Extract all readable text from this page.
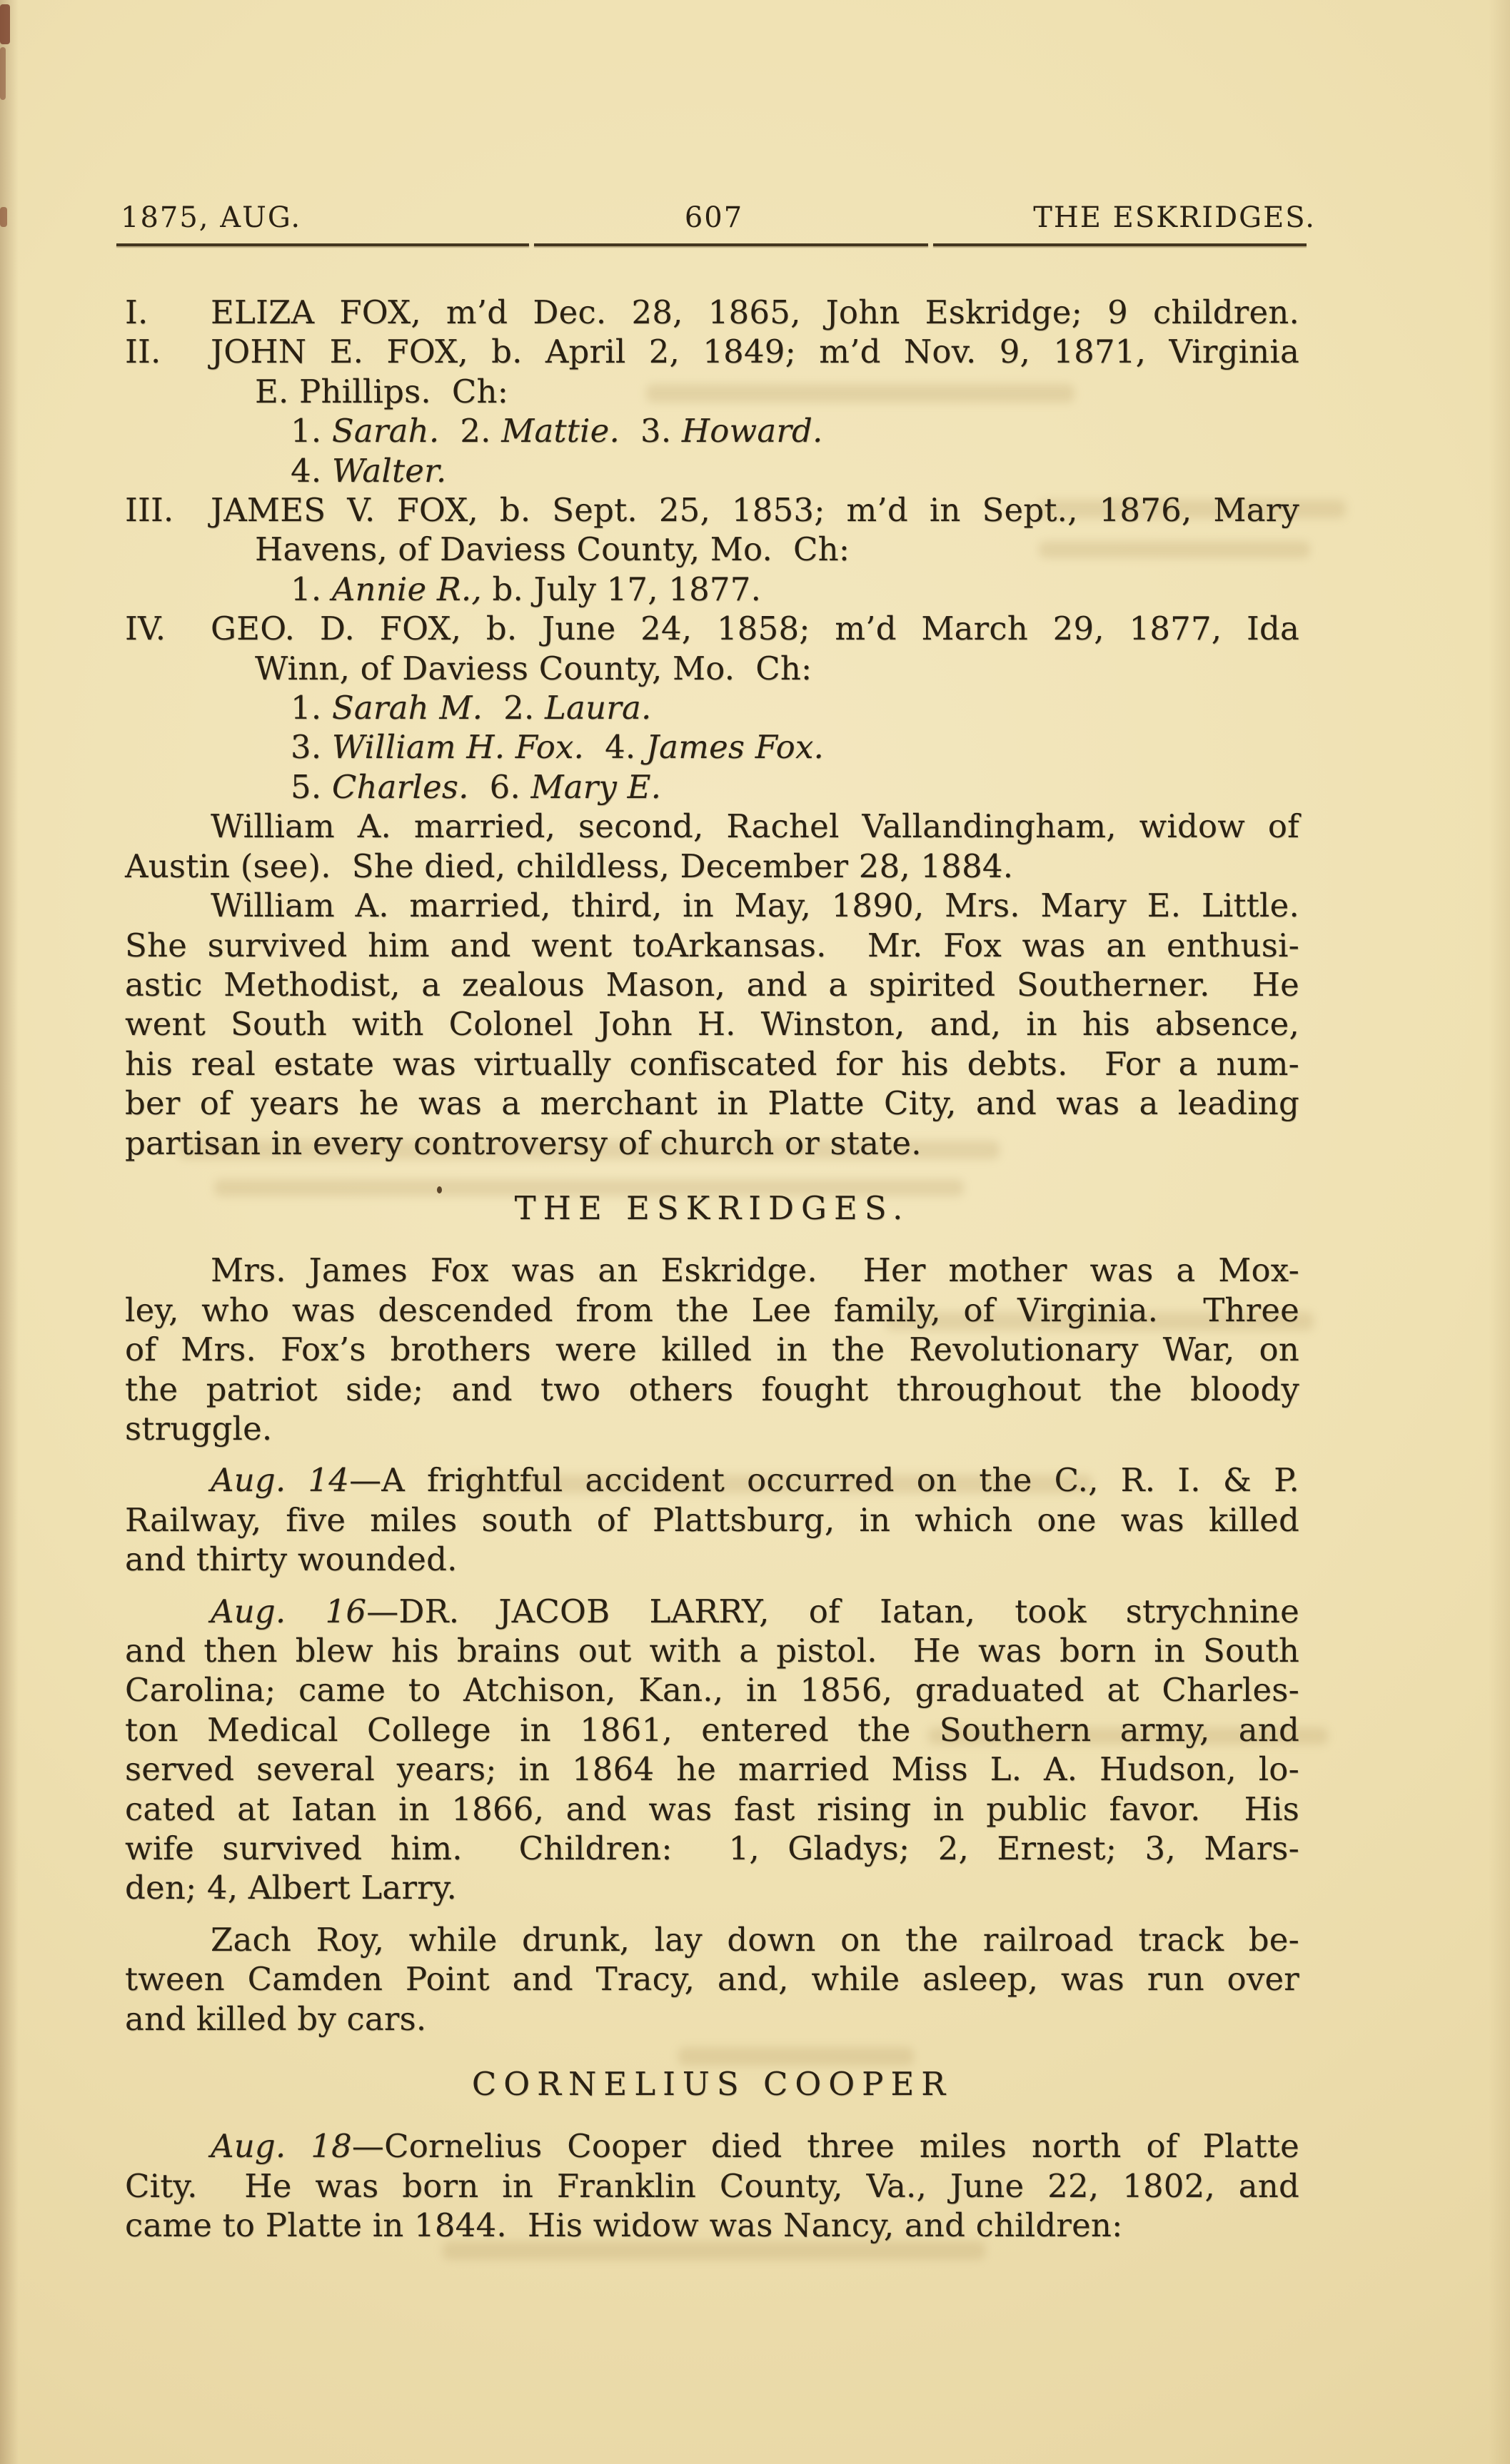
1875, AUG.	607	THE ESKRIDGES.
I. ELIZA FOX, m’d Dec. 28, 1865, John Eskridge; 9 children.
II. JOHN E. FOX, b. April 2, 1849; m’d Nov. 9, 1871, Virginia
E. Phillips.  Ch:
1. Sarah.  2. Mattie.  3. Howard.
4. Walter.
III. JAMES V. FOX, b. Sept. 25, 1853; m’d in Sept., 1876, Mary
Havens, of Daviess County, Mo.  Ch:
1. Annie R., b. July 17, 1877.
IV. GEO. D. FOX, b. June 24, 1858; m’d March 29, 1877, Ida
Winn, of Daviess County, Mo.  Ch:
1. Sarah M.  2. Laura.
3. William H. Fox.  4. James Fox.
5. Charles.  6. Mary E.
William A. married, second, Rachel Vallandingham, widow of
Austin (see).  She died, childless, December 28, 1884.
William A. married, third, in May, 1890, Mrs. Mary E. Little.
She survived him and went toArkansas.  Mr. Fox was an enthusi-
astic Methodist, a zealous Mason, and a spirited Southerner.  He
went South with Colonel John H. Winston, and, in his absence,
his real estate was virtually confiscated for his debts.  For a num-
ber of years he was a merchant in Platte City, and was a leading
partisan in every controversy of church or state.
THE ESKRIDGES.
Mrs. James Fox was an Eskridge.  Her mother was a Mox-
ley, who was descended from the Lee family, of Virginia.  Three
of Mrs. Fox’s brothers were killed in the Revolutionary War, on
the patriot side; and two others fought throughout the bloody
struggle.
Aug. 14—A frightful accident occurred on the C., R. I. & P.
Railway, five miles south of Plattsburg, in which one was killed
and thirty wounded.
Aug. 16—DR. JACOB LARRY, of Iatan, took strychnine
and then blew his brains out with a pistol.  He was born in South
Carolina; came to Atchison, Kan., in 1856, graduated at Charles-
ton Medical College in 1861, entered the Southern army, and
served several years; in 1864 he married Miss L. A. Hudson, lo-
cated at Iatan in 1866, and was fast rising in public favor.  His
wife survived him.  Children:  1, Gladys; 2, Ernest; 3, Mars-
den; 4, Albert Larry.
Zach Roy, while drunk, lay down on the railroad track be-
tween Camden Point and Tracy, and, while asleep, was run over
and killed by cars.
CORNELIUS COOPER
Aug. 18—Cornelius Cooper died three miles north of Platte
City.  He was born in Franklin County, Va., June 22, 1802, and
came to Platte in 1844.  His widow was Nancy, and children:
